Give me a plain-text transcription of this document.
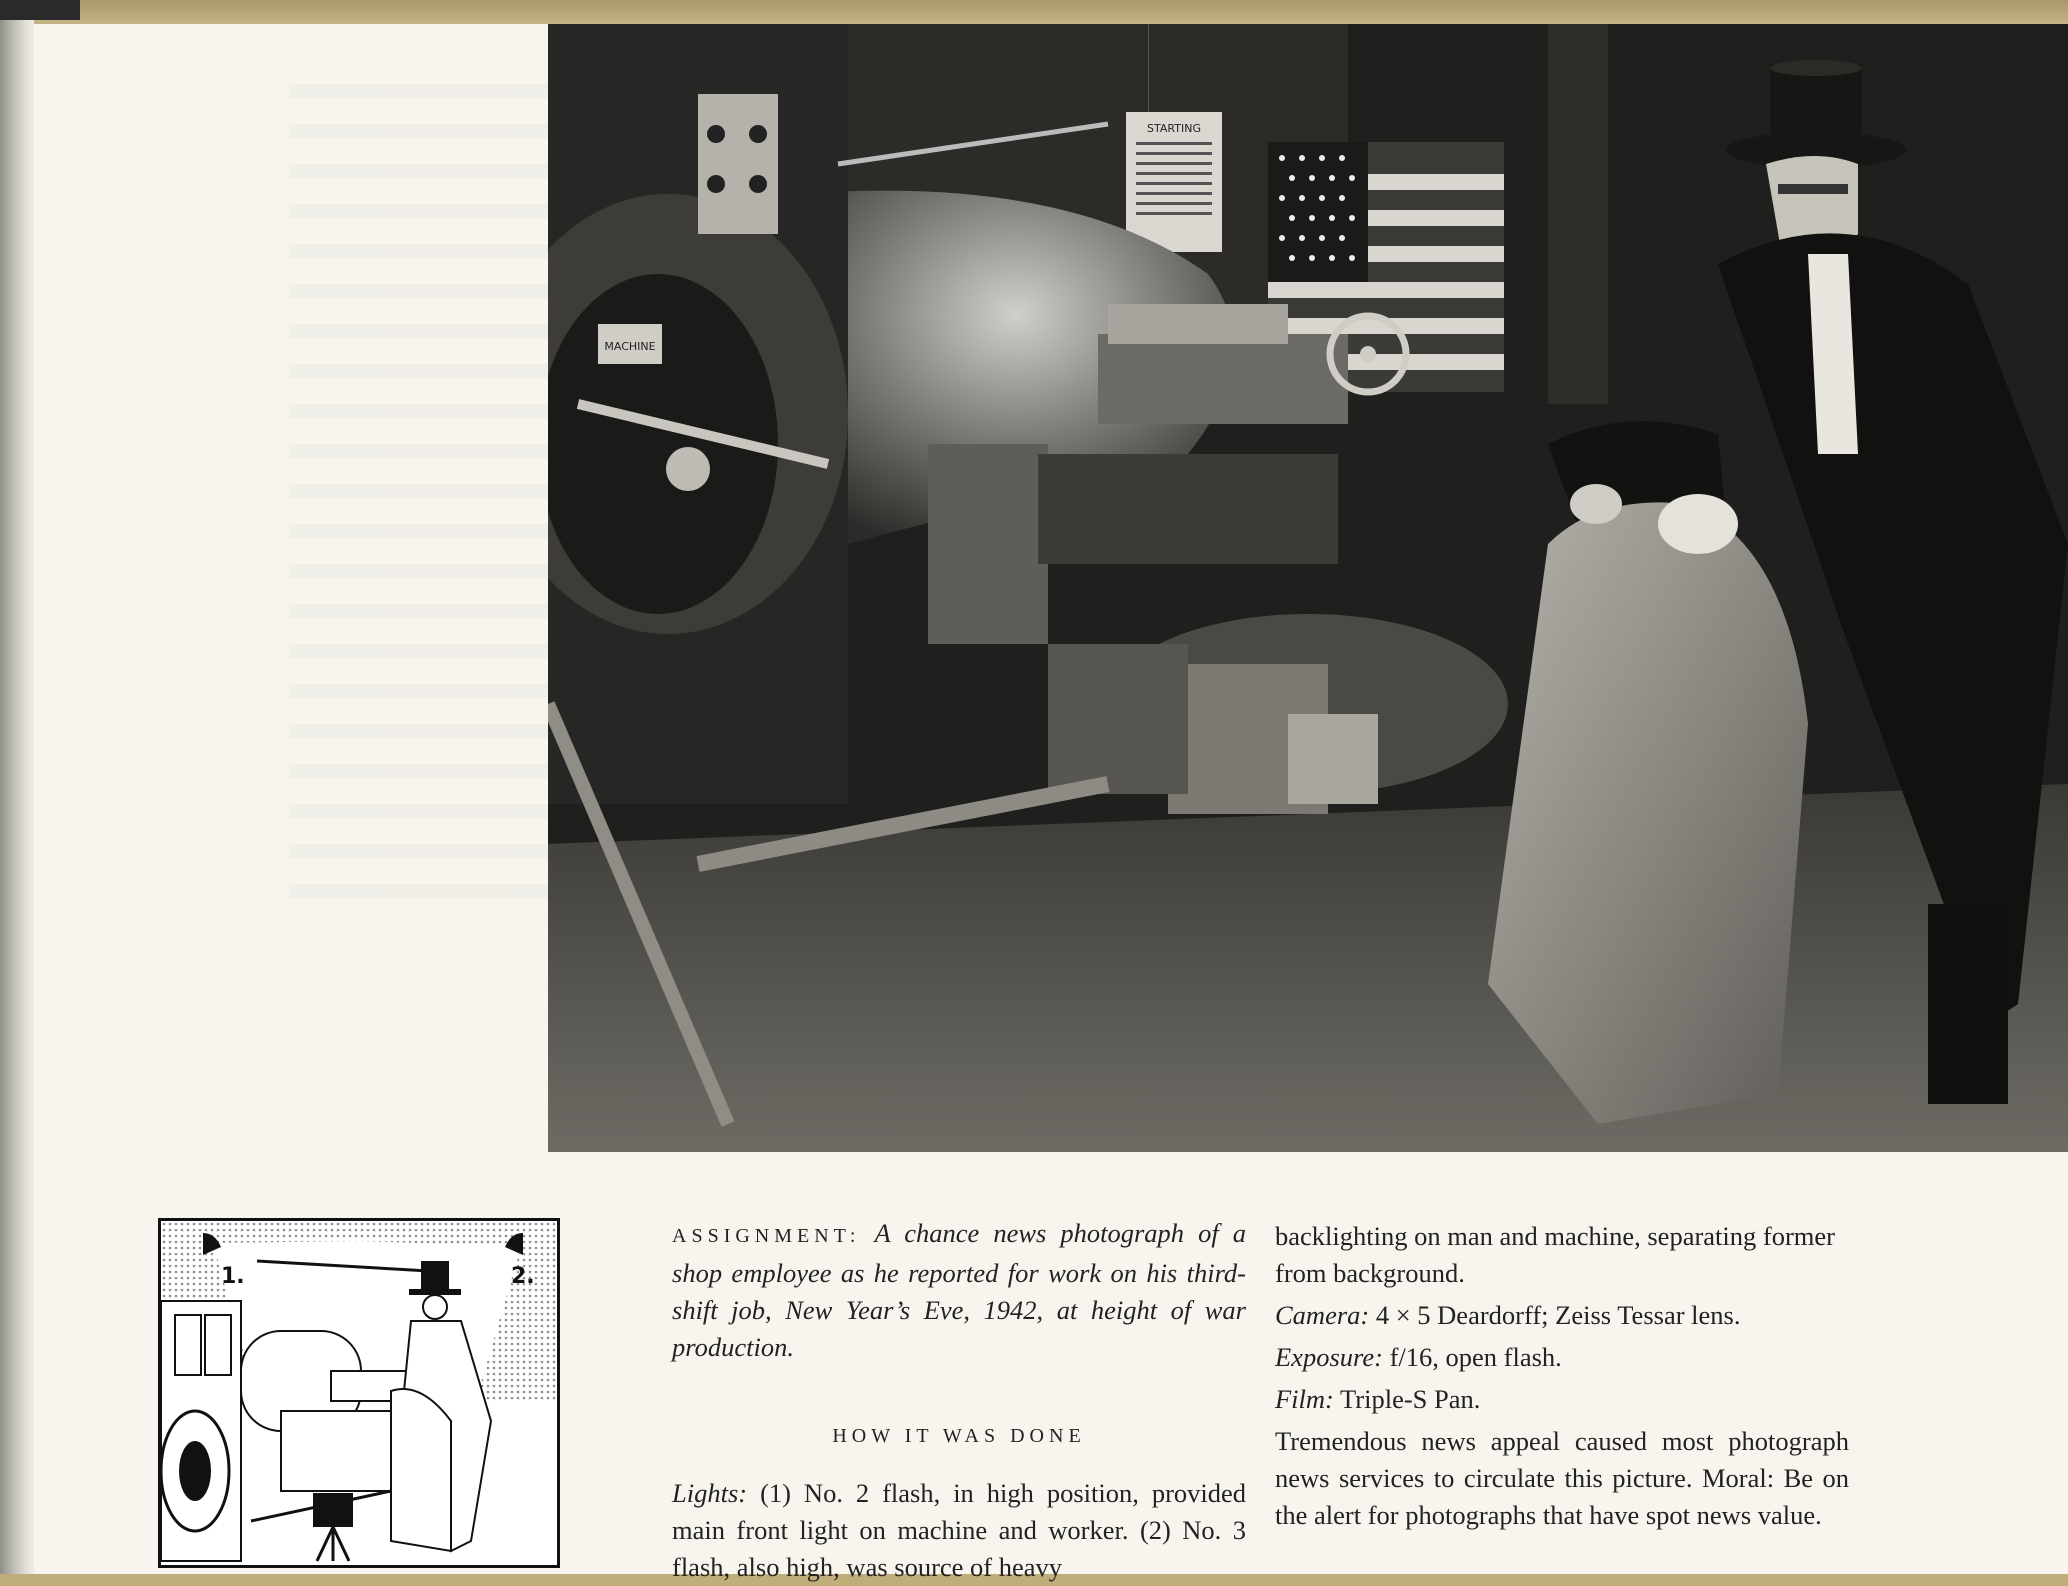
STARTING
MACHINE
1.	2.

ASSIGNMENT: A chance news photograph of a shop employee as he reported for work on his third-shift job, New Year’s Eve, 1942, at height of war production.

HOW IT WAS DONE

Lights: (1) No. 2 flash, in high position, provided main front light on machine and worker. (2) No. 3 flash, also high, was source of heavy

backlighting on man and machine, separating former from background.

Camera: 4 × 5 Deardorff; Zeiss Tessar lens.

Exposure: f/16, open flash.

Film: Triple-S Pan.

Tremendous news appeal caused most photograph news services to circulate this picture. Moral: Be on the alert for photographs that have spot news value.
